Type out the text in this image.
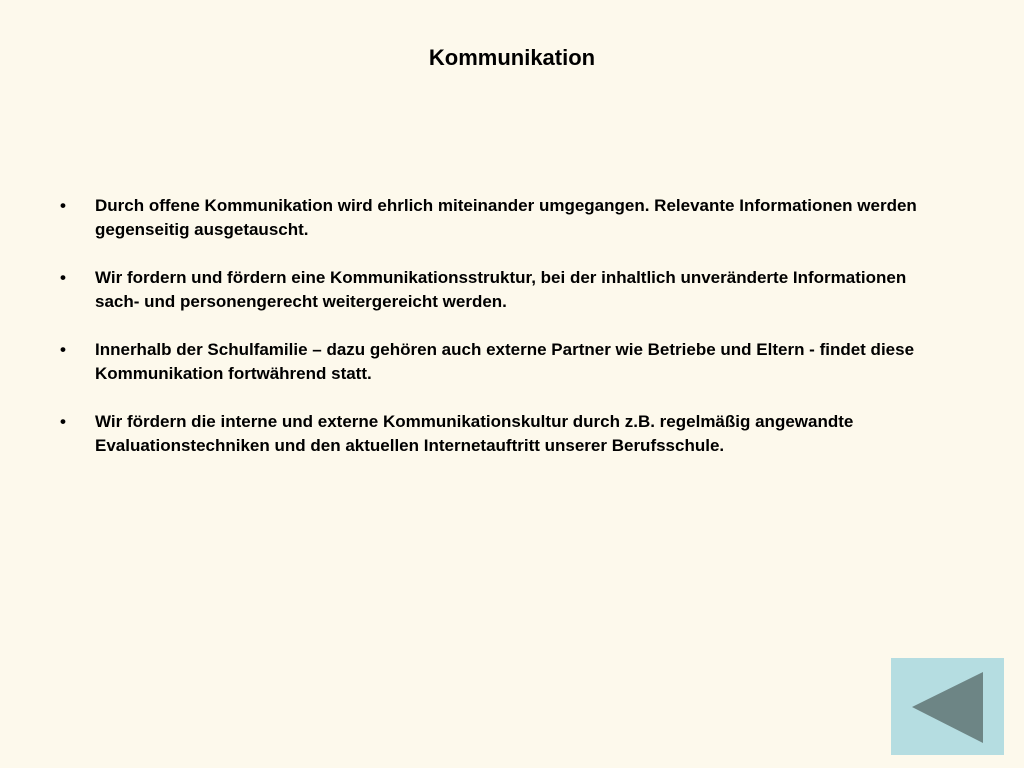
Kommunikation
•	Durch offene Kommunikation wird ehrlich miteinander umgegangen. Relevante Informationen werden gegenseitig ausgetauscht.
•	Wir fordern und fördern eine Kommunikationsstruktur, bei der inhaltlich unveränderte Informationen sach- und personengerecht weitergereicht werden.
•	Innerhalb der Schulfamilie – dazu gehören auch externe Partner wie Betriebe und Eltern - findet diese Kommunikation fortwährend statt.
•	Wir fördern die interne und externe Kommunikationskultur durch z.B. regelmäßig angewandte Evaluationstechniken und den aktuellen Internetauftritt unserer Berufsschule.
